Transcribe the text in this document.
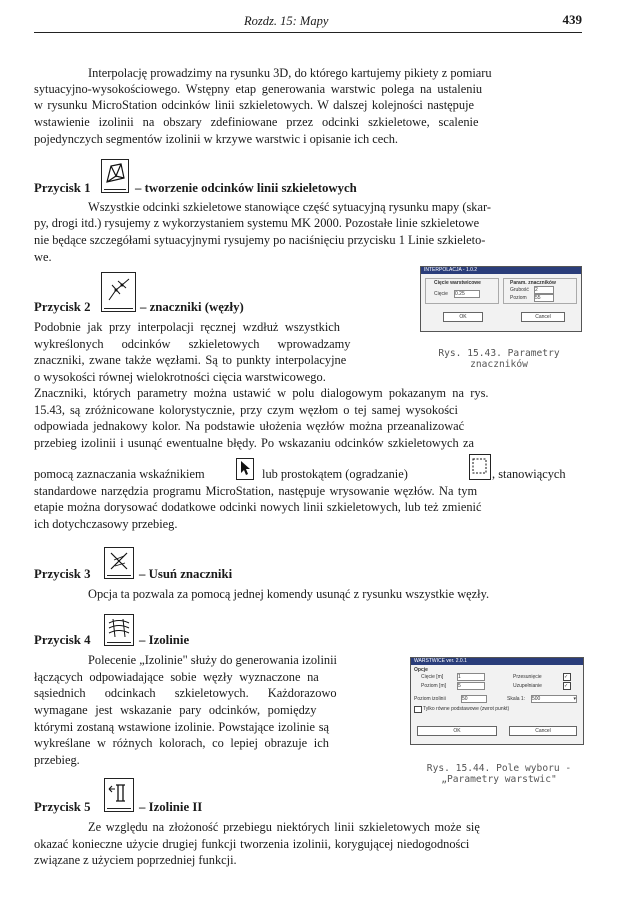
Rozdz. 15: Mapy	439
Interpolację prowadzimy na rysunku 3D, do którego kartujemy pikiety z pomiaru
sytuacyjno-wysokościowego. Wstępny etap generowania warstwic polega na ustaleniu
w rysunku MicroStation odcinków linii szkieletowych. W dalszej kolejności następuje
wstawienie izolinii na obszary zdefiniowane przez odcinki szkieletowe, scalenie
pojedynczych segmentów izolinii w krzywe warstwic i opisanie ich cech.
Przycisk 1	– tworzenie odcinków linii szkieletowych
Wszystkie odcinki szkieletowe stanowiące część sytuacyjną rysunku mapy (skar-
py, drogi itd.) rysujemy z wykorzystaniem systemu MK 2000. Pozostałe linie szkieletowe
nie będące szczegółami sytuacyjnymi rysujemy po naciśnięciu przycisku 1 Linie szkieleto-
we.
Przycisk 2	– znaczniki (węzły)
Podobnie jak przy interpolacji ręcznej wzdłuż wszystkich
wykreślonych odcinków szkieletowych wprowadzamy
znaczniki, zwane także węzłami. Są to punkty interpolacyjne
o wysokości równej wielokrotności cięcia warstwicowego.
INTERPOLACJA - 1.0.2
Cięcie warstwicowe
Cięcie 0.25
Param. znaczników
Grubość 2
Poziom 55
OK	Cancel
Rys. 15.43. Parametry
znaczników
Znaczniki, których parametry można ustawić w polu dialogowym pokazanym na rys.
15.43, są zróżnicowane kolorystycznie, przy czym węzłom o tej samej wysokości
odpowiada jednakowy kolor. Na podstawie ułożenia węzłów można przeanalizować
przebieg izolinii i usunąć ewentualne błędy. Po wskazaniu odcinków szkieletowych za
pomocą zaznaczania wskaźnikiem	lub prostokątem (ogradzanie)	, stanowiących
standardowe narzędzia programu MicroStation, następuje wrysowanie węzłów. Na tym
etapie można dorysować dodatkowe odcinki nowych linii szkieletowych, lub też zmienić
ich dotychczasowy przebieg.
Przycisk 3	– Usuń znaczniki
Opcja ta pozwala za pomocą jednej komendy usunąć z rysunku wszystkie węzły.
Przycisk 4	– Izolinie
Polecenie „Izolinie" służy do generowania izolinii
łączących odpowiadające sobie węzły wyznaczone na
sąsiednich odcinkach szkieletowych. Każdorazowo
wymagane jest wskazanie pary odcinków, pomiędzy
którymi zostaną wstawione izolinie. Powstające izolinie są
wykreślane w różnych kolorach, co lepiej obrazuje ich
przebieg.
WARSTWICE ver. 2.0.1
Opcje
Cięcie [m]	1	Przesunięcie	✓
Poziom [m] 5	Uzupełnianie	✓
Poziom izolinii	50	Skala 1: 500	▾
Tylko równe podstawowe (zwrot punkt)
OK	Cancel
Rys. 15.44. Pole wyboru -
„Parametry warstwic"
Przycisk 5	– Izolinie II
Ze względu na złożoność przebiegu niektórych linii szkieletowych może się
okazać konieczne użycie drugiej funkcji tworzenia izolinii, korygującej niedogodności
związane z użyciem poprzedniej funkcji.
